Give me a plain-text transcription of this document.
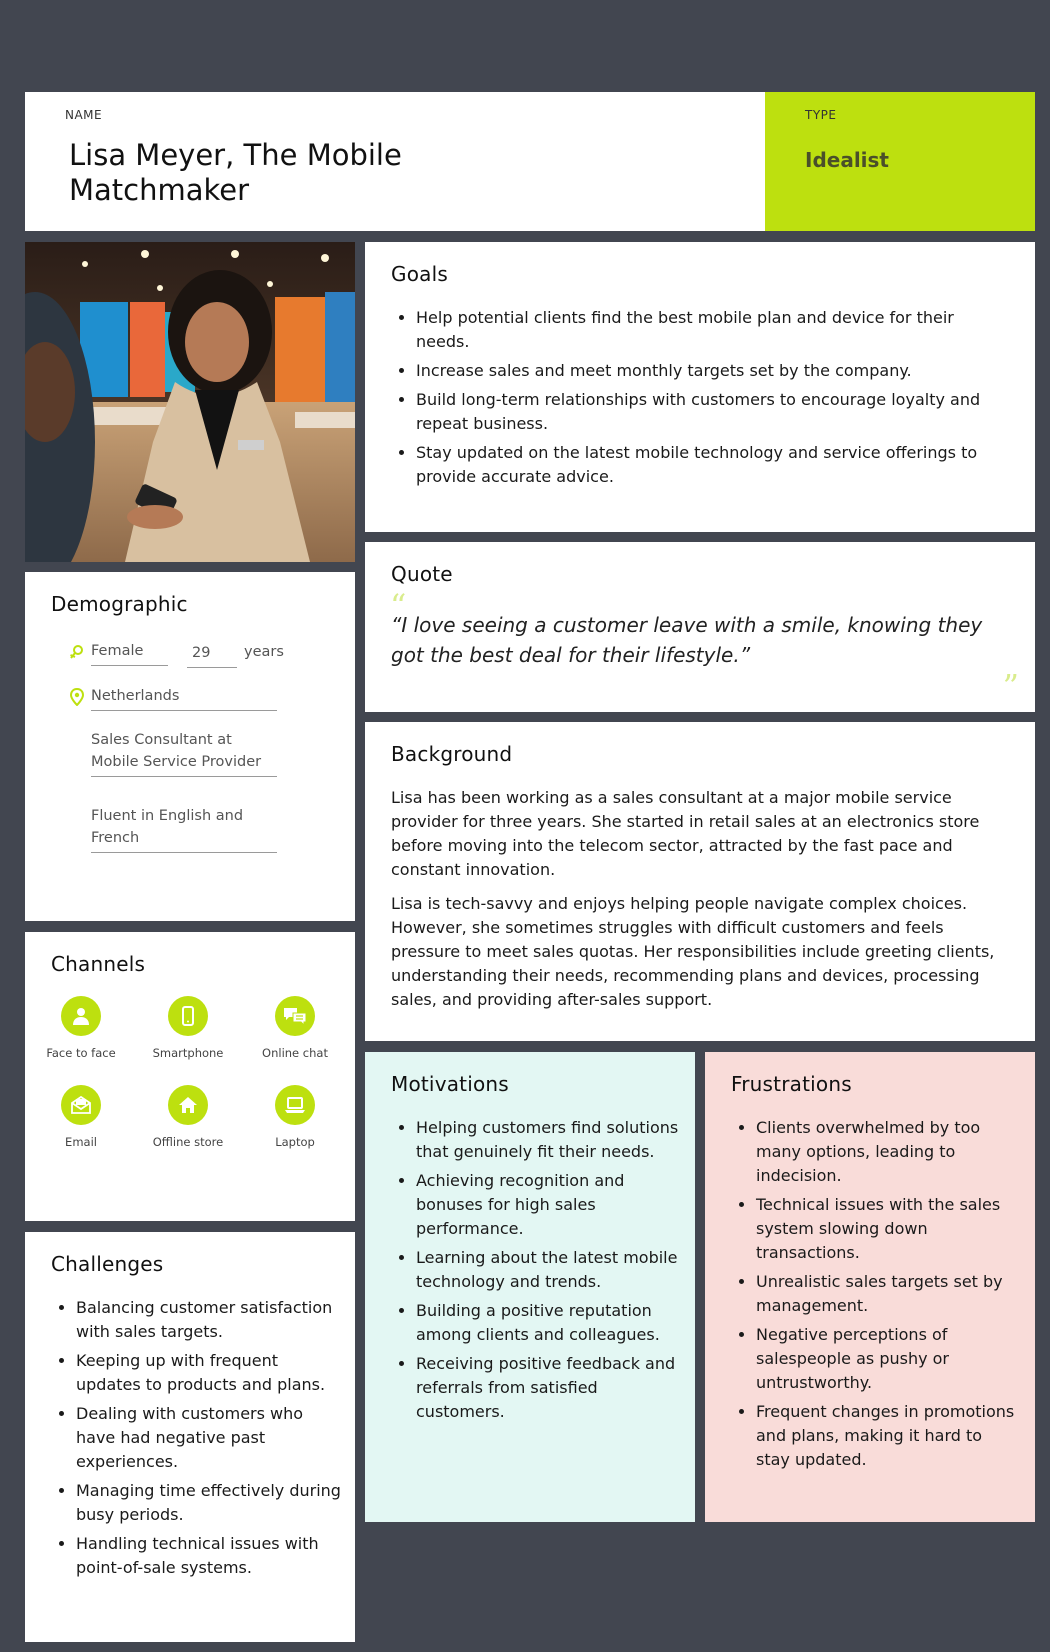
NAME
Lisa Meyer, The Mobile
Matchmaker
TYPE
Idealist
Demographic
Female	29	years
Netherlands
Sales Consultant at
Mobile Service Provider
Fluent in English and
French
Channels
Face to face	Smartphone	Online chat
Email	Offline store	Laptop
Challenges
• Balancing customer satisfaction with sales targets.
• Keeping up with frequent updates to products and plans.
• Dealing with customers who have had negative past experiences.
• Managing time effectively during busy periods.
• Handling technical issues with point-of-sale systems.
Goals
• Help potential clients find the best mobile plan and device for their needs.
• Increase sales and meet monthly targets set by the company.
• Build long-term relationships with customers to encourage loyalty and repeat business.
• Stay updated on the latest mobile technology and service offerings to provide accurate advice.
Quote
“
“I love seeing a customer leave with a smile, knowing they got the best deal for their lifestyle.”
”
Background

Lisa has been working as a sales consultant at a major mobile service provider for three years. She started in retail sales at an electronics store before moving into the telecom sector, attracted by the fast pace and constant innovation.

Lisa is tech-savvy and enjoys helping people navigate complex choices. However, she sometimes struggles with difficult customers and feels pressure to meet sales quotas. Her responsibilities include greeting clients, understanding their needs, recommending plans and devices, processing sales, and providing after-sales support.

Motivations
• Helping customers find solutions that genuinely fit their needs.
• Achieving recognition and bonuses for high sales performance.
• Learning about the latest mobile technology and trends.
• Building a positive reputation among clients and colleagues.
• Receiving positive feedback and referrals from satisfied customers.
Frustrations
• Clients overwhelmed by too many options, leading to indecision.
• Technical issues with the sales system slowing down transactions.
• Unrealistic sales targets set by management.
• Negative perceptions of salespeople as pushy or untrustworthy.
• Frequent changes in promotions and plans, making it hard to stay updated.
